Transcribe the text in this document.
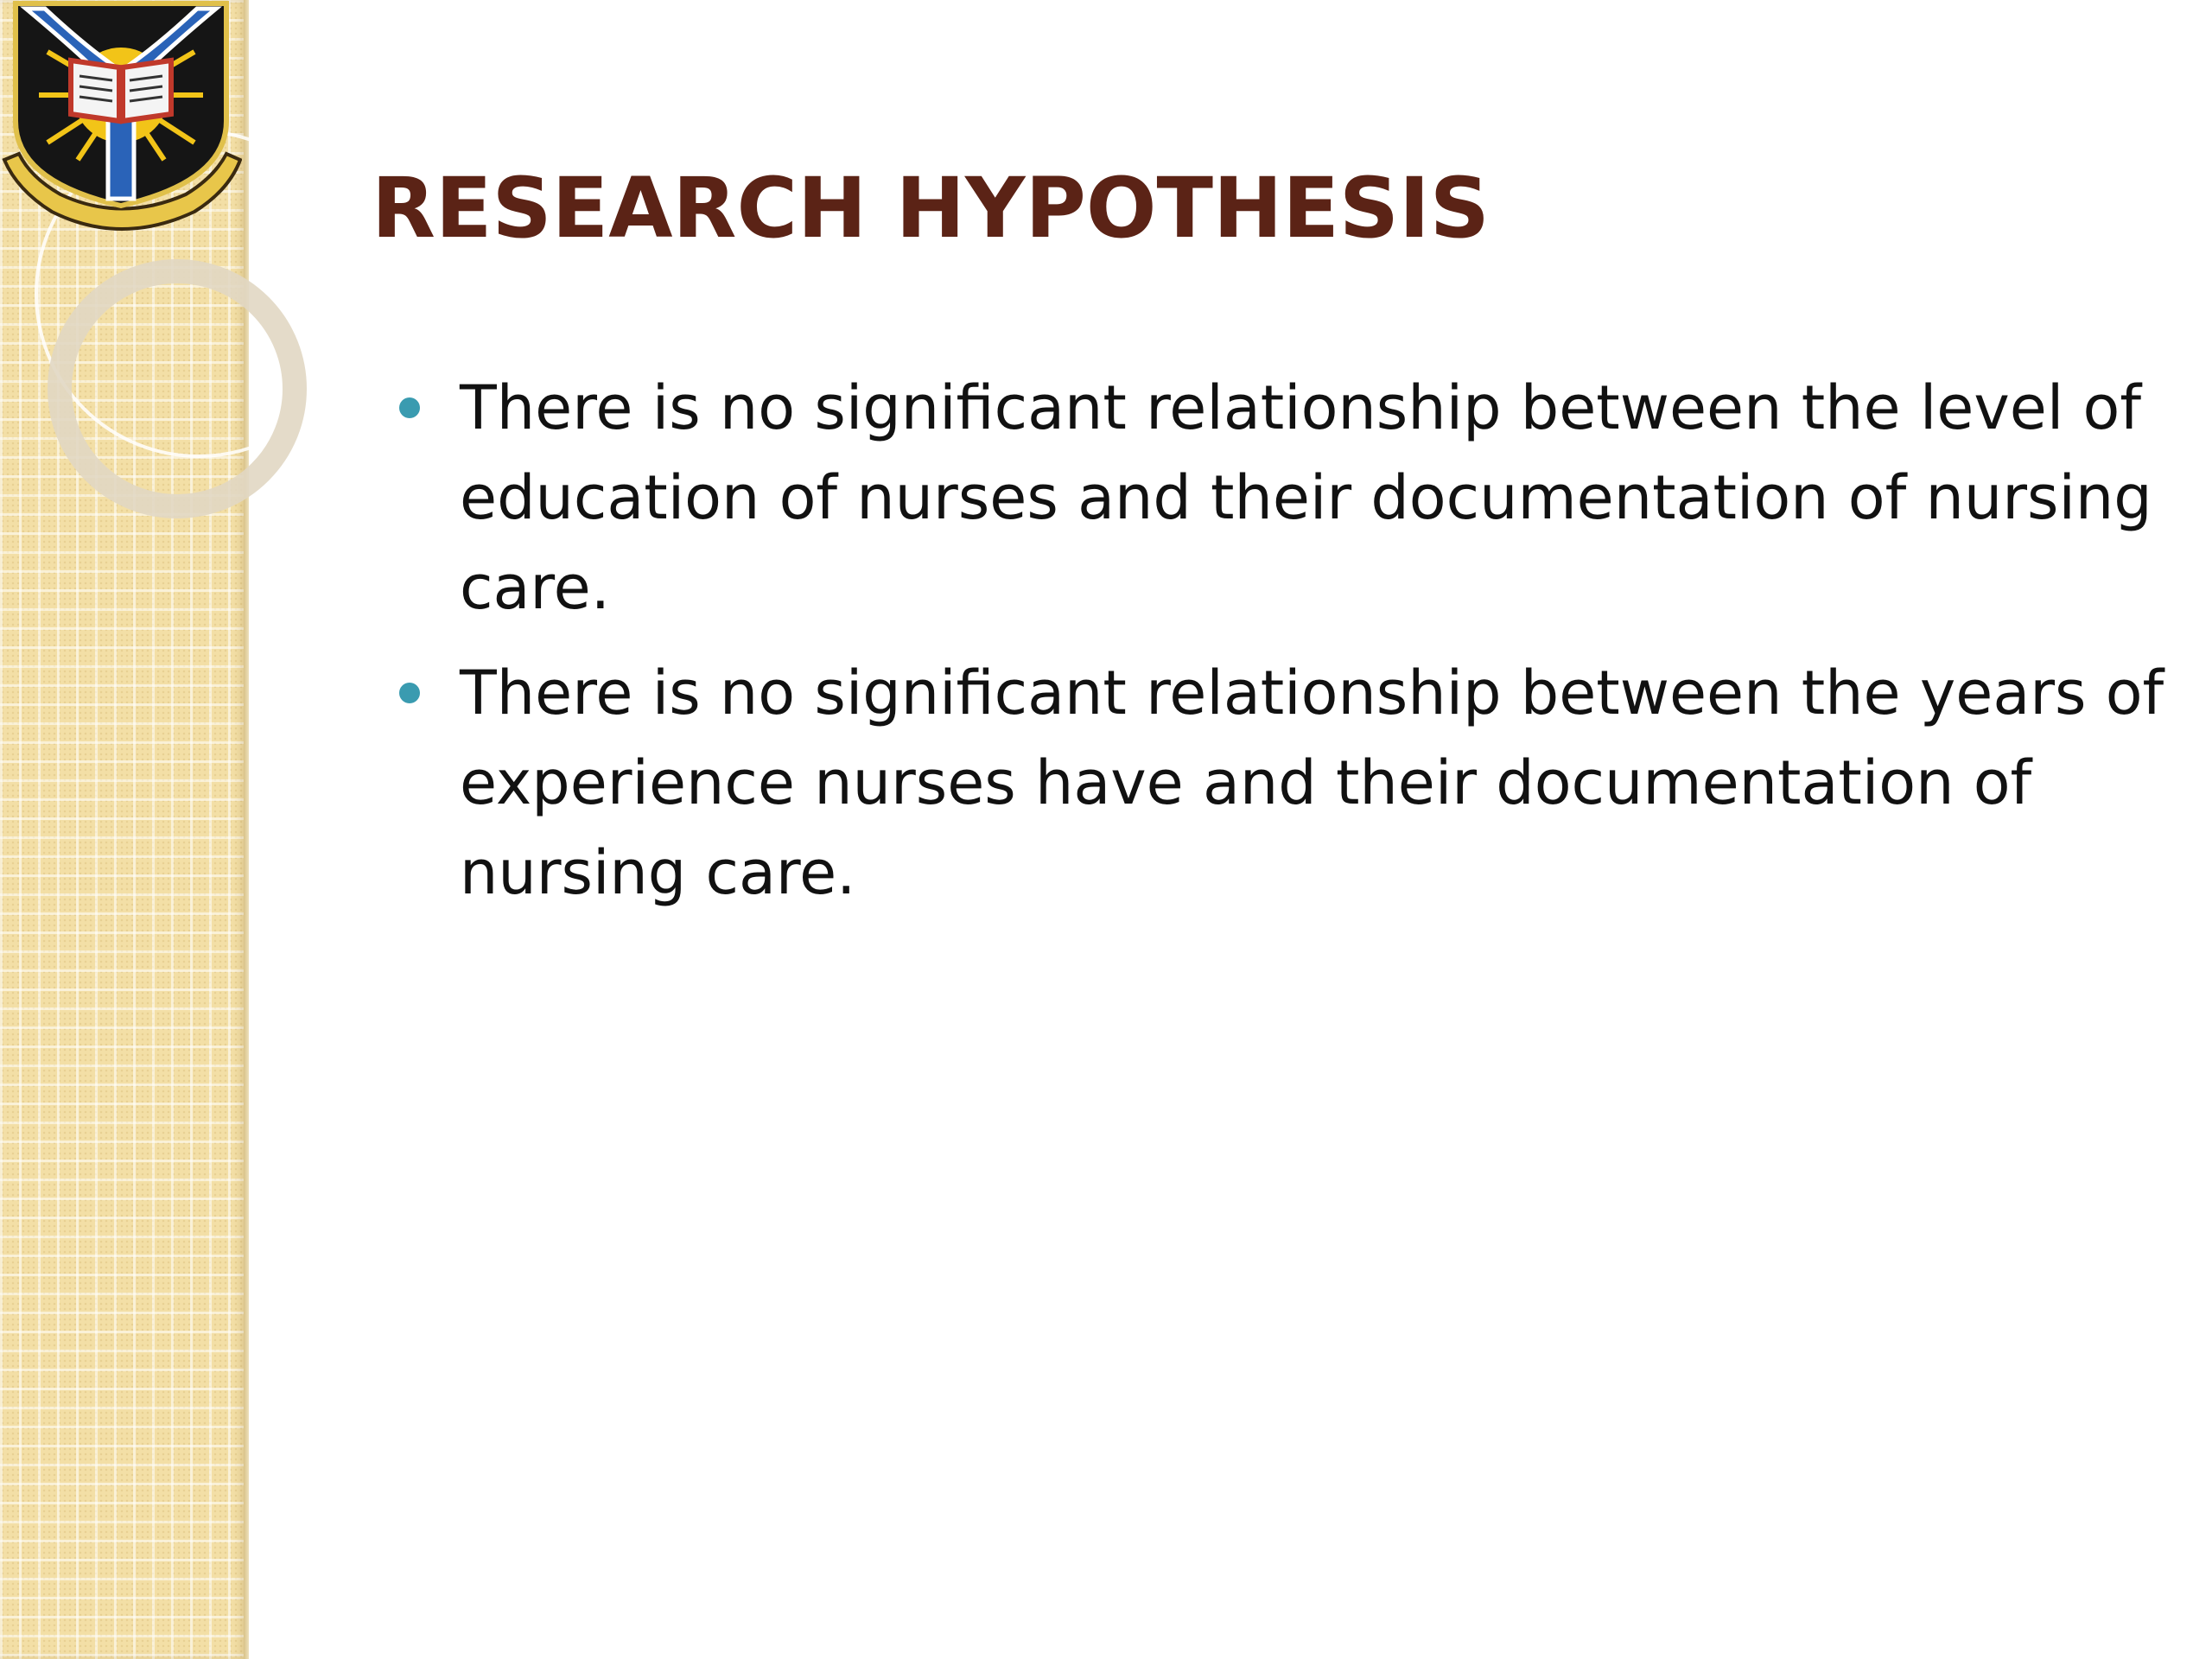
RESEARCH HYPOTHESIS
There is no significant relationship between the level of education of nurses and their documentation of nursing care.
There is no significant relationship between the years of experience nurses have and their documentation of nursing care.
